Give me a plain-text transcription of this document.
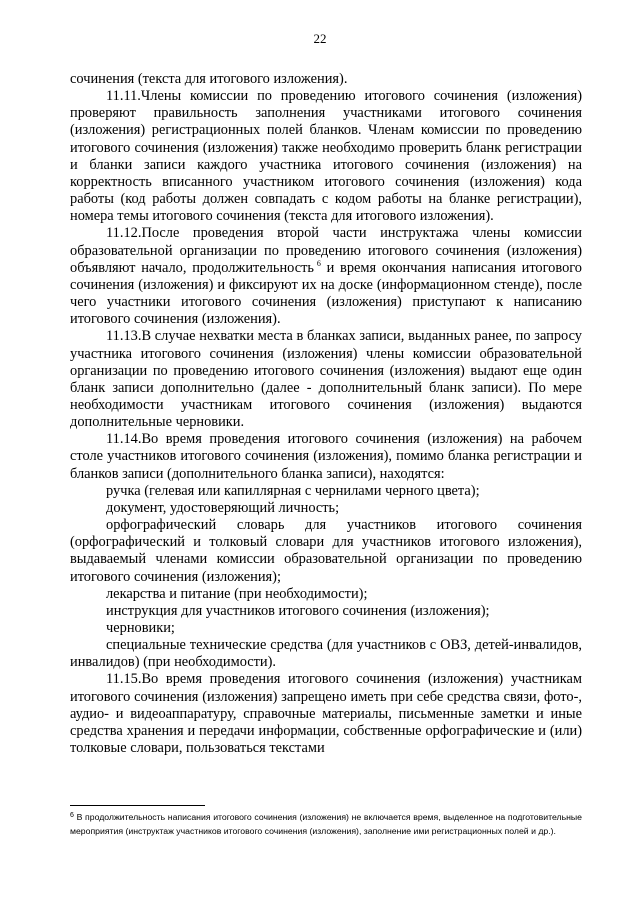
22

сочинения (текста для итогового изложения).

11.11.Члены комиссии по проведению итогового сочинения (изложения) проверяют правильность заполнения участниками итогового сочинения (изложения) регистрационных полей бланков. Членам комиссии по проведению итогового сочинения (изложения) также необходимо проверить бланк регистрации и бланки записи каждого участника итогового сочинения (изложения) на корректность вписанного участником итогового сочинения (изложения) кода работы (код работы должен совпадать с кодом работы на бланке регистрации), номера темы итогового сочинения (текста для итогового изложения).

11.12.После проведения второй части инструктажа члены комиссии образовательной организации по проведению итогового сочинения (изложения) объявляют начало, продолжительность  $^6$ и время окончания написания итогового сочинения (изложения) и фиксируют их на доске (информационном стенде), после чего участники итогового сочинения (изложения) приступают к написанию итогового сочинения (изложения).

11.13.В случае нехватки места в бланках записи, выданных ранее, по запросу участника итогового сочинения (изложения) члены комиссии образовательной организации по проведению итогового сочинения (изложения) выдают еще один бланк записи дополнительно (далее - дополнительный бланк записи). По мере необходимости участникам итогового сочинения (изложения) выдаются дополнительные черновики.

11.14.Во время проведения итогового сочинения (изложения) на рабочем столе участников итогового сочинения (изложения), помимо бланка регистрации и бланков записи (дополнительного бланка записи), находятся:

ручка (гелевая или капиллярная с чернилами черного цвета);

документ, удостоверяющий личность;

орфографический словарь для участников итогового сочинения (орфографический и толковый словари для участников итогового изложения), выдаваемый членами комиссии образовательной организации по проведению итогового сочинения (изложения);

лекарства и питание (при необходимости);

инструкция для участников итогового сочинения (изложения);

черновики;

специальные технические средства (для участников с ОВЗ, детей-инвалидов, инвалидов) (при необходимости).

11.15.Во время проведения итогового сочинения (изложения) участникам итогового сочинения (изложения) запрещено иметь при себе средства связи, фото-, аудио- и видеоаппаратуру, справочные материалы, письменные заметки и иные средства хранения и передачи информации, собственные орфографические и (или) толковые словари, пользоваться текстами

$^6$ В продолжительность написания итогового сочинения (изложения) не включается время, выделенное на подготовительные мероприятия (инструктаж участников итогового сочинения (изложения), заполнение ими регистрационных полей и др.).
